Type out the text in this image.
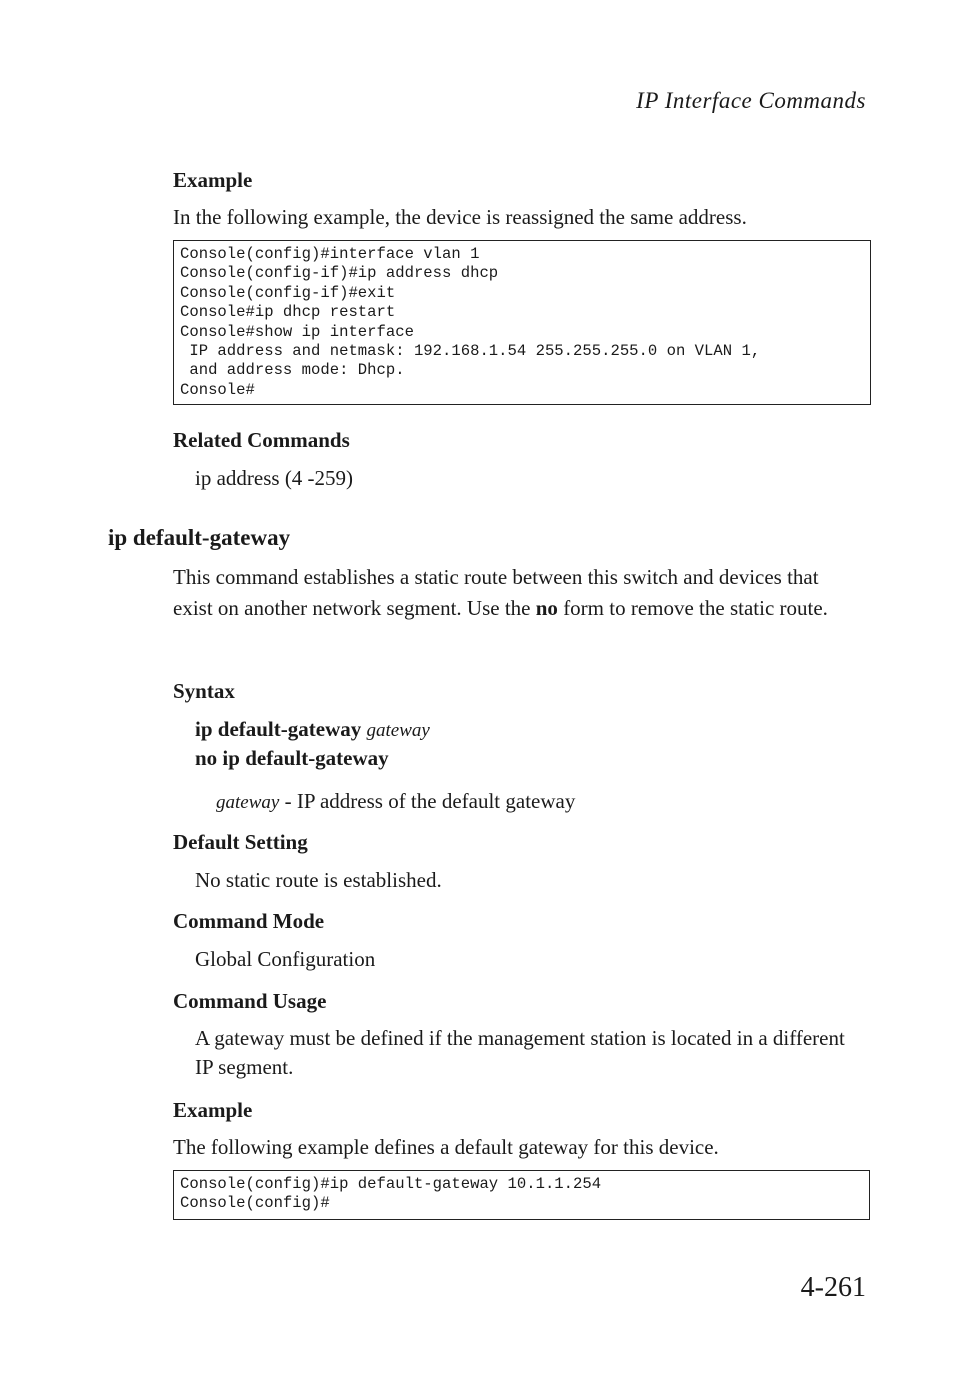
IP Interface Commands
Example
In the following example, the device is reassigned the same address.
Console(config)#interface vlan 1
Console(config-if)#ip address dhcp
Console(config-if)#exit
Console#ip dhcp restart
Console#show ip interface
IP address and netmask: 192.168.1.54 255.255.255.0 on VLAN 1,
and address mode: Dhcp.
Console#
Related Commands
ip address (4 -259)
ip default-gateway
This command establishes a static route between this switch and devices that exist on another network segment. Use the no form to remove the static route.
Syntax
ip default-gateway gateway
no ip default-gateway
gateway - IP address of the default gateway
Default Setting
No static route is established.
Command Mode
Global Configuration
Command Usage
A gateway must be defined if the management station is located in a different IP segment.
Example
The following example defines a default gateway for this device.
Console(config)#ip default-gateway 10.1.1.254
Console(config)#
4-261
